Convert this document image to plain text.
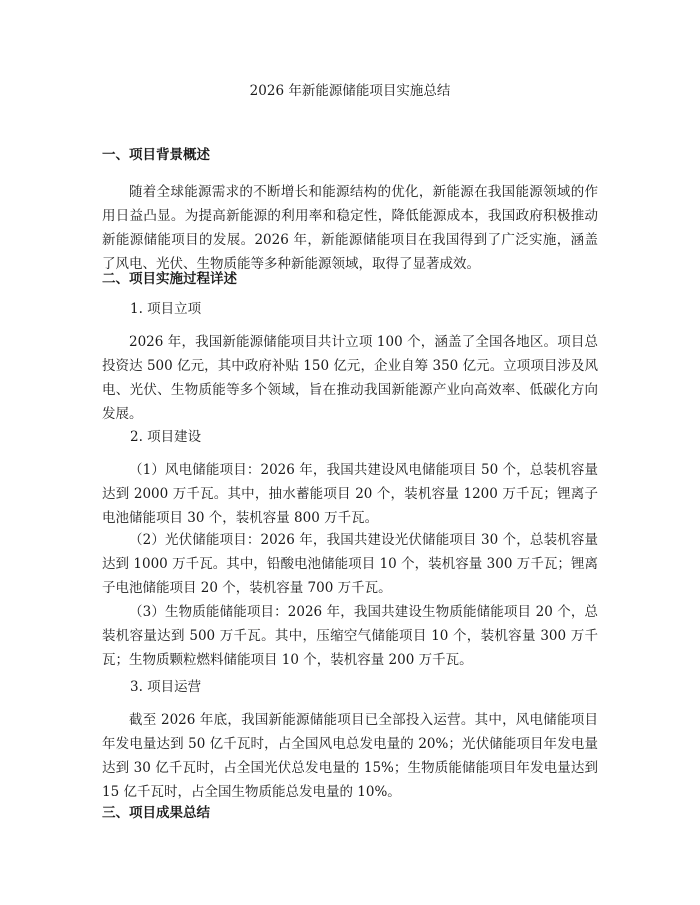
2026 年新能源储能项目实施总结
一、项目背景概述

随着全球能源需求的不断增长和能源结构的优化，新能源在我国能源领域的作用日益凸显。为提高新能源的利用率和稳定性，降低能源成本，我国政府积极推动新能源储能项目的发展。2026 年，新能源储能项目在我国得到了广泛实施，涵盖了风电、光伏、生物质能等多种新能源领域，取得了显著成效。

二、项目实施过程详述
1. 项目立项

2026 年，我国新能源储能项目共计立项 100 个，涵盖了全国各地区。项目总投资达 500 亿元，其中政府补贴 150 亿元，企业自筹 350 亿元。立项项目涉及风电、光伏、生物质能等多个领域，旨在推动我国新能源产业向高效率、低碳化方向发展。

2. 项目建设

（1）风电储能项目：2026 年，我国共建设风电储能项目 50 个，总装机容量达到 2000 万千瓦。其中，抽水蓄能项目 20 个，装机容量 1200 万千瓦；锂离子电池储能项目 30 个，装机容量 800 万千瓦。

（2）光伏储能项目：2026 年，我国共建设光伏储能项目 30 个，总装机容量达到 1000 万千瓦。其中，铅酸电池储能项目 10 个，装机容量 300 万千瓦；锂离子电池储能项目 20 个，装机容量 700 万千瓦。

（3）生物质能储能项目：2026 年，我国共建设生物质能储能项目 20 个，总装机容量达到 500 万千瓦。其中，压缩空气储能项目 10 个，装机容量 300 万千瓦；生物质颗粒燃料储能项目 10 个，装机容量 200 万千瓦。

3. 项目运营

截至 2026 年底，我国新能源储能项目已全部投入运营。其中，风电储能项目年发电量达到 50 亿千瓦时，占全国风电总发电量的 20%；光伏储能项目年发电量达到 30 亿千瓦时，占全国光伏总发电量的 15%；生物质能储能项目年发电量达到 15 亿千瓦时，占全国生物质能总发电量的 10%。

三、项目成果总结
